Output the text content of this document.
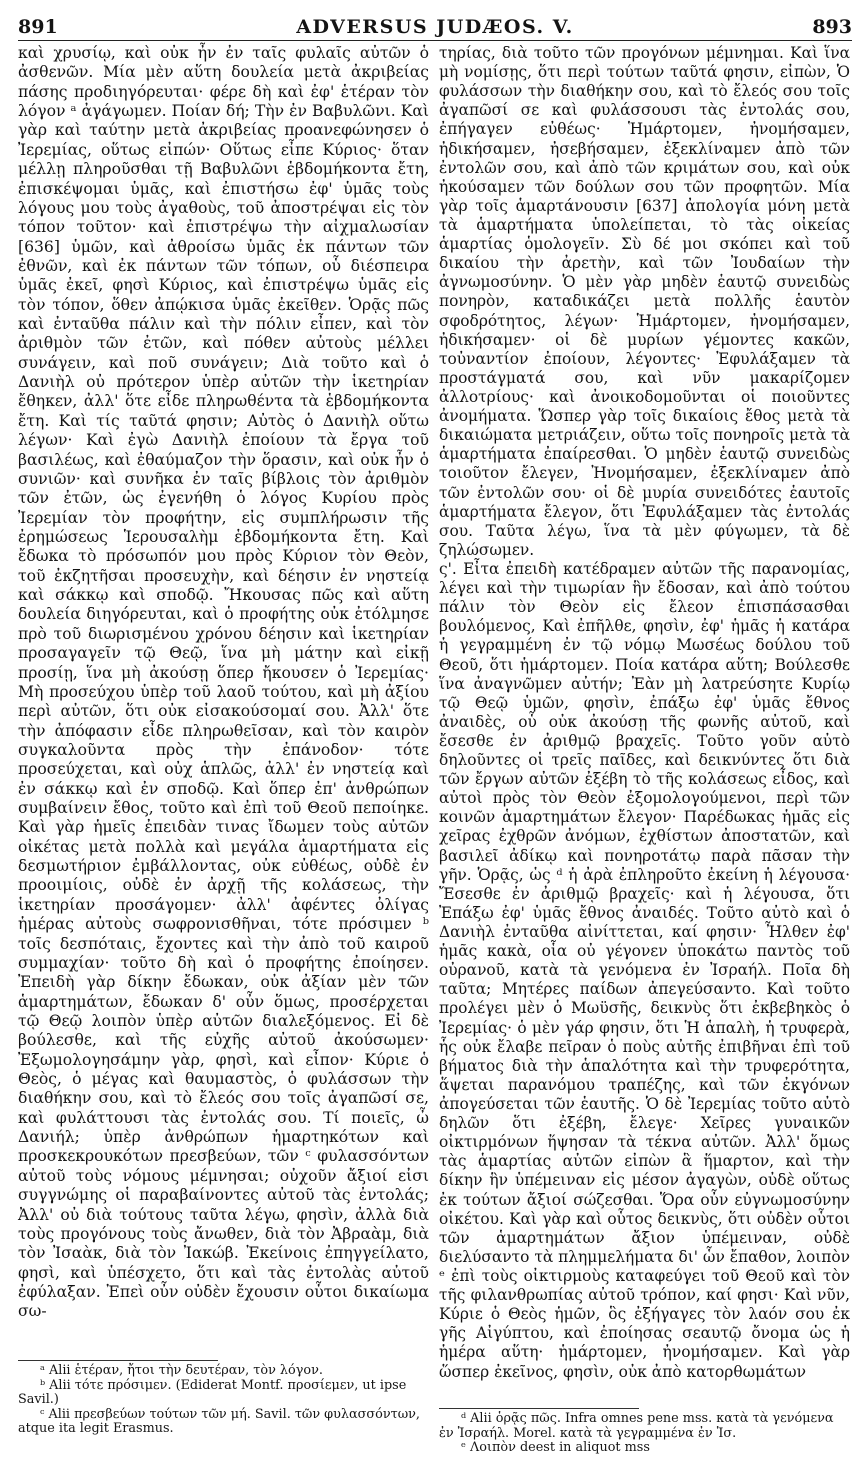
891	ADVERSUS JUDÆOS. V.	893

καὶ χρυσίῳ, καὶ οὐκ ἦν ἐν ταῖς φυλαῖς αὐτῶν ὁ ἀσθενῶν. Μία μὲν αὕτη δουλεία μετὰ ἀκριβείας πάσης προδιηγόρευται· φέρε δὴ καὶ ἐφ' ἑτέραν τὸν λόγον ᵃ ἀγάγωμεν. Ποίαν δή; Τὴν ἐν Βαβυλῶνι. Καὶ γὰρ καὶ ταύτην μετὰ ἀκριβείας προανεφώνησεν ὁ Ἰερεμίας, οὕτως εἰπών· Οὕτως εἶπε Κύριος· ὅταν μέλλῃ πληροῦσθαι τῇ Βαβυλῶνι ἑβδομήκοντα ἔτη, ἐπισκέψομαι ὑμᾶς, καὶ ἐπιστήσω ἐφ' ὑμᾶς τοὺς λόγους μου τοὺς ἀγαθοὺς, τοῦ ἀποστρέψαι εἰς τὸν τόπον τοῦτον· καὶ ἐπιστρέψω τὴν αἰχμαλωσίαν [636] ὑμῶν, καὶ ἀθροίσω ὑμᾶς ἐκ πάντων τῶν ἐθνῶν, καὶ ἐκ πάντων τῶν τόπων, οὗ διέσπειρα ὑμᾶς ἐκεῖ, φησὶ Κύριος, καὶ ἐπιστρέψω ὑμᾶς εἰς τὸν τόπον, ὅθεν ἀπῴκισα ὑμᾶς ἐκεῖθεν. Ὁρᾷς πῶς καὶ ἐνταῦθα πάλιν καὶ τὴν πόλιν εἶπεν, καὶ τὸν ἀριθμὸν τῶν ἐτῶν, καὶ πόθεν αὐτοὺς μέλλει συνάγειν, καὶ ποῦ συνάγειν; Διὰ τοῦτο καὶ ὁ Δανιὴλ οὐ πρότερον ὑπὲρ αὐτῶν τὴν ἱκετηρίαν ἔθηκεν, ἀλλ' ὅτε εἶδε πληρωθέντα τὰ ἑβδομήκοντα ἔτη. Καὶ τίς ταῦτά φησιν; Αὐτὸς ὁ Δανιὴλ οὕτω λέγων· Καὶ ἐγὼ Δανιὴλ ἐποίουν τὰ ἔργα τοῦ βασιλέως, καὶ ἐθαύμαζον τὴν ὅρασιν, καὶ οὐκ ἦν ὁ συνιῶν· καὶ συνῆκα ἐν ταῖς βίβλοις τὸν ἀριθμὸν τῶν ἐτῶν, ὡς ἐγενήθη ὁ λόγος Κυρίου πρὸς Ἰερεμίαν τὸν προφήτην, εἰς συμπλήρωσιν τῆς ἐρημώσεως Ἱερουσαλὴμ ἑβδομήκοντα ἔτη. Καὶ ἔδωκα τὸ πρόσωπόν μου πρὸς Κύριον τὸν Θεὸν, τοῦ ἐκζητῆσαι προσευχὴν, καὶ δέησιν ἐν νηστείᾳ καὶ σάκκῳ καὶ σποδῷ. Ἤκουσας πῶς καὶ αὕτη δουλεία διηγόρευται, καὶ ὁ προφήτης οὐκ ἐτόλμησε πρὸ τοῦ διωρισμένου χρόνου δέησιν καὶ ἱκετηρίαν προσαγαγεῖν τῷ Θεῷ, ἵνα μὴ μάτην καὶ εἰκῇ προσίῃ, ἵνα μὴ ἀκούσῃ ὅπερ ἤκουσεν ὁ Ἰερεμίας· Μὴ προσεύχου ὑπὲρ τοῦ λαοῦ τούτου, καὶ μὴ ἀξίου περὶ αὐτῶν, ὅτι οὐκ εἰσακούσομαί σου. Ἀλλ' ὅτε τὴν ἀπόφασιν εἶδε πληρωθεῖσαν, καὶ τὸν καιρὸν συγκαλοῦντα πρὸς τὴν ἐπάνοδον· τότε προσεύχεται, καὶ οὐχ ἁπλῶς, ἀλλ' ἐν νηστείᾳ καὶ ἐν σάκκῳ καὶ ἐν σποδῷ. Καὶ ὅπερ ἐπ' ἀνθρώπων συμβαίνειν ἔθος, τοῦτο καὶ ἐπὶ τοῦ Θεοῦ πεποίηκε. Καὶ γὰρ ἡμεῖς ἐπειδὰν τινας ἴδωμεν τοὺς αὐτῶν οἰκέτας μετὰ πολλὰ καὶ μεγάλα ἁμαρτήματα εἰς δεσμωτήριον ἐμβάλλοντας, οὐκ εὐθέως, οὐδὲ ἐν προοιμίοις, οὐδὲ ἐν ἀρχῇ τῆς κολάσεως, τὴν ἱκετηρίαν προσάγομεν· ἀλλ' ἀφέντες ὀλίγας ἡμέρας αὐτοὺς σωφρονισθῆναι, τότε πρόσιμεν ᵇ τοῖς δεσπόταις, ἔχοντες καὶ τὴν ἀπὸ τοῦ καιροῦ συμμαχίαν· τοῦτο δὴ καὶ ὁ προφήτης ἐποίησεν. Ἐπειδὴ γὰρ δίκην ἔδωκαν, οὐκ ἀξίαν μὲν τῶν ἁμαρτημάτων, ἔδωκαν δ' οὖν ὅμως, προσέρχεται τῷ Θεῷ λοιπὸν ὑπὲρ αὐτῶν διαλεξόμενος. Εἰ δὲ βούλεσθε, καὶ τῆς εὐχῆς αὐτοῦ ἀκούσωμεν· Ἐξωμολογησάμην γὰρ, φησὶ, καὶ εἶπον· Κύριε ὁ Θεὸς, ὁ μέγας καὶ θαυμαστὸς, ὁ φυλάσσων τὴν διαθήκην σου, καὶ τὸ ἔλεός σου τοῖς ἀγαπῶσί σε, καὶ φυλάττουσι τὰς ἐντολάς σου. Τί ποιεῖς, ὦ Δανιήλ; ὑπὲρ ἀνθρώπων ἡμαρτηκότων καὶ προσκεκρουκότων πρεσβεύων, τῶν ᶜ φυλασσόντων αὐτοῦ τοὺς νόμους μέμνησαι; οὐχοῦν ἄξιοί εἰσι συγγνώμης οἱ παραβαίνοντες αὐτοῦ τὰς ἐντολάς; Ἀλλ' οὐ διὰ τούτους ταῦτα λέγω, φησὶν, ἀλλὰ διὰ τοὺς προγόνους τοὺς ἄνωθεν, διὰ τὸν Ἀβραὰμ, διὰ τὸν Ἰσαὰκ, διὰ τὸν Ἰακώβ. Ἐκείνοις ἐπηγγείλατο, φησὶ, καὶ ὑπέσχετο, ὅτι καὶ τὰς ἐντολὰς αὐτοῦ ἐφύλαξαν. Ἐπεὶ οὖν οὐδὲν ἔχουσιν οὗτοι δικαίωμα σω-

ᵃ Alii ἑτέραν, ἤτοι τὴν δευτέραν, τὸν λόγον.

ᵇ Alii τότε πρόσιμεν. (Ediderat Montf. προσίεμεν, ut ipse Savil.)

ᶜ Alii πρεσβεύων τούτων τῶν μή. Savil. τῶν φυλασσόντων, atque ita legit Erasmus.

τηρίας, διὰ τοῦτο τῶν προγόνων μέμνημαι. Καὶ ἵνα μὴ νομίσῃς, ὅτι περὶ τούτων ταῦτά φησιν, εἰπὼν, Ὁ φυλάσσων τὴν διαθήκην σου, καὶ τὸ ἔλεός σου τοῖς ἀγαπῶσί σε καὶ φυλάσσουσι τὰς ἐντολάς σου, ἐπήγαγεν εὐθέως· Ἡμάρτομεν, ἠνομήσαμεν, ἠδικήσαμεν, ἠσεβήσαμεν, ἐξεκλίναμεν ἀπὸ τῶν ἐντολῶν σου, καὶ ἀπὸ τῶν κριμάτων σου, καὶ οὐκ ἠκούσαμεν τῶν δούλων σου τῶν προφητῶν. Μία γὰρ τοῖς ἁμαρτάνουσιν [637] ἀπολογία μόνη μετὰ τὰ ἁμαρτήματα ὑπολείπεται, τὸ τὰς οἰκείας ἁμαρτίας ὁμολογεῖν. Σὺ δέ μοι σκόπει καὶ τοῦ δικαίου τὴν ἀρετὴν, καὶ τῶν Ἰουδαίων τὴν ἀγνωμοσύνην. Ὁ μὲν γὰρ μηδὲν ἑαυτῷ συνειδὼς πονηρὸν, καταδικάζει μετὰ πολλῆς ἑαυτὸν σφοδρότητος, λέγων· Ἡμάρτομεν, ἠνομήσαμεν, ἠδικήσαμεν· οἱ δὲ μυρίων γέμοντες κακῶν, τοὐναντίον ἐποίουν, λέγοντες· Ἐφυλάξαμεν τὰ προστάγματά σου, καὶ νῦν μακαρίζομεν ἀλλοτρίους· καὶ ἀνοικοδομοῦνται οἱ ποιοῦντες ἀνομήματα. Ὥσπερ γὰρ τοῖς δικαίοις ἔθος μετὰ τὰ δικαιώματα μετριάζειν, οὕτω τοῖς πονηροῖς μετὰ τὰ ἁμαρτήματα ἐπαίρεσθαι. Ὁ μηδὲν ἑαυτῷ συνειδὼς τοιοῦτον ἔλεγεν, Ἠνομήσαμεν, ἐξεκλίναμεν ἀπὸ τῶν ἐντολῶν σου· οἱ δὲ μυρία συνειδότες ἑαυτοῖς ἁμαρτήματα ἔλεγον, ὅτι Ἐφυλάξαμεν τὰς ἐντολάς σου. Ταῦτα λέγω, ἵνα τὰ μὲν φύγωμεν, τὰ δὲ ζηλώσωμεν.

ς'. Εἶτα ἐπειδὴ κατέδραμεν αὐτῶν τῆς παρανομίας, λέγει καὶ τὴν τιμωρίαν ἣν ἔδοσαν, καὶ ἀπὸ τούτου πάλιν τὸν Θεὸν εἰς ἔλεον ἐπισπάσασθαι βουλόμενος, Καὶ ἐπῆλθε, φησὶν, ἐφ' ἡμᾶς ἡ κατάρα ἡ γεγραμμένη ἐν τῷ νόμῳ Μωσέως δούλου τοῦ Θεοῦ, ὅτι ἡμάρτομεν. Ποία κατάρα αὕτη; Βούλεσθε ἵνα ἀναγνῶμεν αὐτήν; Ἐὰν μὴ λατρεύσητε Κυρίῳ τῷ Θεῷ ὑμῶν, φησὶν, ἐπάξω ἐφ' ὑμᾶς ἔθνος ἀναιδὲς, οὗ οὐκ ἀκούσῃ τῆς φωνῆς αὐτοῦ, καὶ ἔσεσθε ἐν ἀριθμῷ βραχεῖς. Τοῦτο γοῦν αὐτὸ δηλοῦντες οἱ τρεῖς παῖδες, καὶ δεικνύντες ὅτι διὰ τῶν ἔργων αὐτῶν ἐξέβη τὸ τῆς κολάσεως εἶδος, καὶ αὐτοὶ πρὸς τὸν Θεὸν ἐξομολογούμενοι, περὶ τῶν κοινῶν ἁμαρτημάτων ἔλεγον· Παρέδωκας ἡμᾶς εἰς χεῖρας ἐχθρῶν ἀνόμων, ἐχθίστων ἀποστατῶν, καὶ βασιλεῖ ἀδίκῳ καὶ πονηροτάτῳ παρὰ πᾶσαν τὴν γῆν. Ὁρᾷς, ὡς ᵈ ἡ ἀρὰ ἐπληροῦτο ἐκείνη ἡ λέγουσα· Ἔσεσθε ἐν ἀριθμῷ βραχεῖς· καὶ ἡ λέγουσα, ὅτι Ἐπάξω ἐφ' ὑμᾶς ἔθνος ἀναιδές. Τοῦτο αὐτὸ καὶ ὁ Δανιὴλ ἐνταῦθα αἰνίττεται, καί φησιν· Ἦλθεν ἐφ' ἡμᾶς κακὰ, οἷα οὐ γέγονεν ὑποκάτω παντὸς τοῦ οὐρανοῦ, κατὰ τὰ γενόμενα ἐν Ἰσραήλ. Ποῖα δὴ ταῦτα; Μητέρες παίδων ἀπεγεύσαντο. Καὶ τοῦτο προλέγει μὲν ὁ Μωϋσῆς, δεικνὺς ὅτι ἐκβεβηκὸς ὁ Ἰερεμίας· ὁ μὲν γάρ φησιν, ὅτι Ἡ ἁπαλὴ, ἡ τρυφερὰ, ἧς οὐκ ἔλαβε πεῖραν ὁ ποὺς αὐτῆς ἐπιβῆναι ἐπὶ τοῦ βήματος διὰ τὴν ἁπαλότητα καὶ τὴν τρυφερότητα, ἅψεται παρανόμου τραπέζης, καὶ τῶν ἐκγόνων ἀπογεύσεται τῶν ἑαυτῆς. Ὁ δὲ Ἰερεμίας τοῦτο αὐτὸ δηλῶν ὅτι ἐξέβη, ἔλεγε· Χεῖρες γυναικῶν οἰκτιρμόνων ἥψησαν τὰ τέκνα αὐτῶν. Ἀλλ' ὅμως τὰς ἁμαρτίας αὐτῶν εἰπὼν ἃ ἥμαρτον, καὶ τὴν δίκην ἣν ὑπέμειναν εἰς μέσον ἀγαγὼν, οὐδὲ οὕτως ἐκ τούτων ἄξιοί σώζεσθαι. Ὅρα οὖν εὐγνωμοσύνην οἰκέτου. Καὶ γὰρ καὶ οὗτος δεικνὺς, ὅτι οὐδὲν οὗτοι τῶν ἁμαρτημάτων ἄξιον ὑπέμειναν, οὐδὲ διελύσαντο τὰ πλημμελήματα δι' ὧν ἔπαθον, λοιπὸν ᵉ ἐπὶ τοὺς οἰκτιρμοὺς καταφεύγει τοῦ Θεοῦ καὶ τὸν τῆς φιλανθρωπίας αὐτοῦ τρόπον, καί φησι· Καὶ νῦν, Κύριε ὁ Θεὸς ἡμῶν, ὃς ἐξήγαγες τὸν λαόν σου ἐκ γῆς Αἰγύπτου, καὶ ἐποίησας σεαυτῷ ὄνομα ὡς ἡ ἡμέρα αὕτη· ἡμάρτομεν, ἠνομήσαμεν. Καὶ γὰρ ὥσπερ ἐκεῖνος, φησὶν, οὐκ ἀπὸ κατορθωμάτων

ᵈ Alii ὁρᾷς πῶς. Infra omnes pene mss. κατὰ τὰ γενόμενα ἐν Ἰσραήλ. Morel. κατὰ τὰ γεγραμμένα ἐν Ἰσ.

ᵉ Λοιπὸν deest in aliquot mss
